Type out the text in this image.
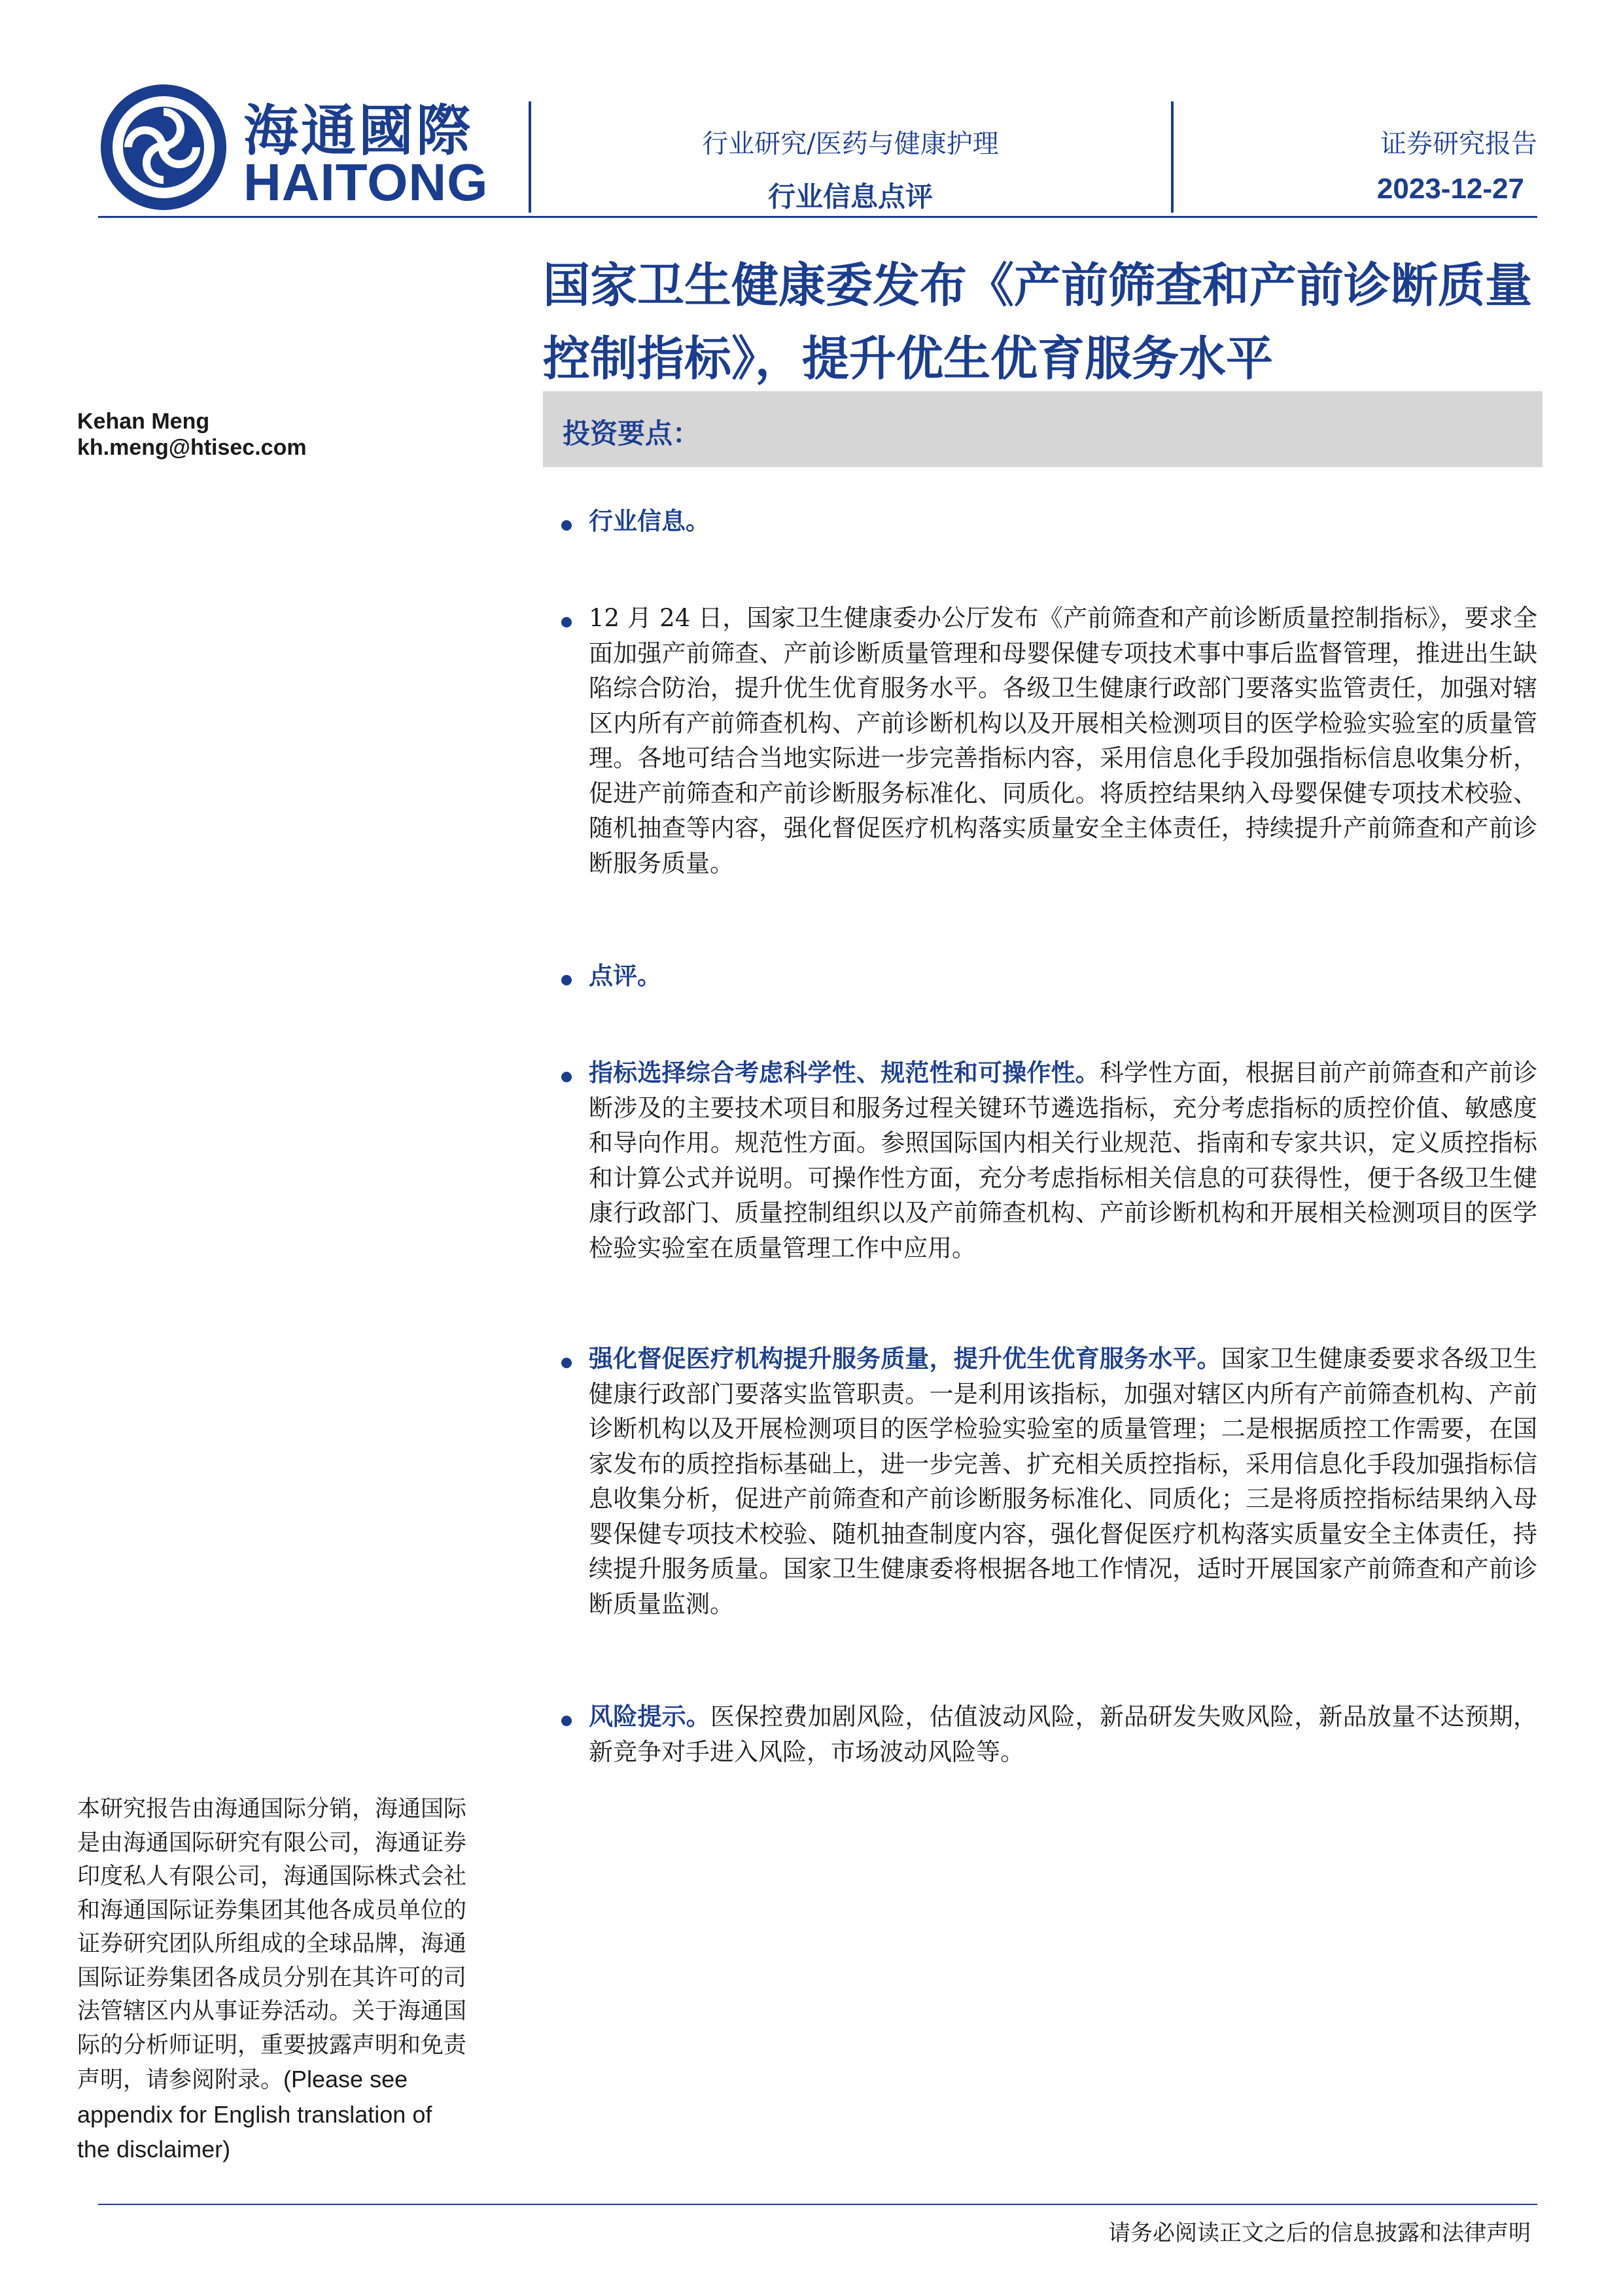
海通國際
HAITONG
行业研究/医药与健康护理
行业信息点评
证券研究报告
2023-12-27
国家卫生健康委发布《产前筛查和产前诊断质量控制指标》，提升优生优育服务水平
Kehan Meng
kh.meng@htisec.com	投资要点：
行业信息。
12 月 24 日，国家卫生健康委办公厅发布《产前筛查和产前诊断质量控制指标》，要求全面加强产前筛查、产前诊断质量管理和母婴保健专项技术事中事后监督管理，推进出生缺陷综合防治，提升优生优育服务水平。各级卫生健康行政部门要落实监管责任，加强对辖区内所有产前筛查机构、产前诊断机构以及开展相关检测项目的医学检验实验室的质量管理。各地可结合当地实际进一步完善指标内容，采用信息化手段加强指标信息收集分析，促进产前筛查和产前诊断服务标准化、同质化。将质控结果纳入母婴保健专项技术校验、随机抽查等内容，强化督促医疗机构落实质量安全主体责任，持续提升产前筛查和产前诊断服务质量。
点评。
指标选择综合考虑科学性、规范性和可操作性。科学性方面，根据目前产前筛查和产前诊断涉及的主要技术项目和服务过程关键环节遴选指标，充分考虑指标的质控价值、敏感度和导向作用。规范性方面。参照国际国内相关行业规范、指南和专家共识，定义质控指标和计算公式并说明。可操作性方面，充分考虑指标相关信息的可获得性，便于各级卫生健康行政部门、质量控制组织以及产前筛查机构、产前诊断机构和开展相关检测项目的医学检验实验室在质量管理工作中应用。
强化督促医疗机构提升服务质量，提升优生优育服务水平。国家卫生健康委要求各级卫生健康行政部门要落实监管职责。一是利用该指标，加强对辖区内所有产前筛查机构、产前诊断机构以及开展检测项目的医学检验实验室的质量管理；二是根据质控工作需要，在国家发布的质控指标基础上，进一步完善、扩充相关质控指标，采用信息化手段加强指标信息收集分析，促进产前筛查和产前诊断服务标准化、同质化；三是将质控指标结果纳入母婴保健专项技术校验、随机抽查制度内容，强化督促医疗机构落实质量安全主体责任，持续提升服务质量。国家卫生健康委将根据各地工作情况，适时开展国家产前筛查和产前诊断质量监测。
风险提示。医保控费加剧风险，估值波动风险，新品研发失败风险，新品放量不达预期，新竞争对手进入风险，市场波动风险等。
本研究报告由海通国际分销，海通国际是由海通国际研究有限公司，海通证券印度私人有限公司，海通国际株式会社和海通国际证券集团其他各成员单位的证券研究团队所组成的全球品牌，海通国际证券集团各成员分别在其许可的司法管辖区内从事证券活动。关于海通国际的分析师证明，重要披露声明和免责声明，请参阅附录。(Please see appendix for English translation of the disclaimer)
请务必阅读正文之后的信息披露和法律声明
